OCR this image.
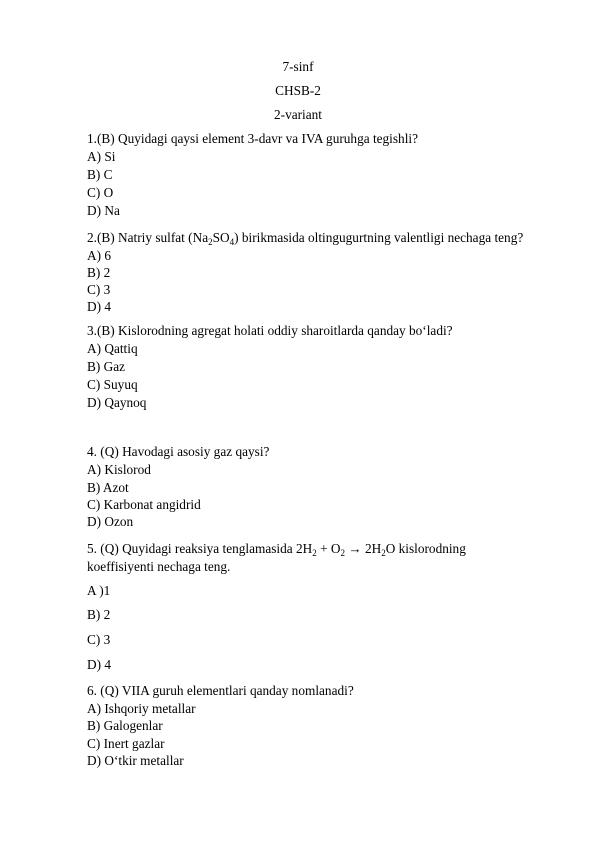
7-sinf
CHSB-2
2-variant
1.(B) Quyidagi qaysi element 3-davr va IVA guruhga tegishli?
A) Si
B) C
C) O
D) Na
2.(B) Natriy sulfat $(Na_2SO_4)$ birikmasida oltingugurtning valentligi nechaga teng?
A) 6
B) 2
C) 3
D) 4
3.(B) Kislorodning agregat holati oddiy sharoitlarda qanday bo‘ladi?
A) Qattiq
B) Gaz
C) Suyuq
D) Qaynoq
4. (Q) Havodagi asosiy gaz qaysi?
A) Kislorod
B) Azot
C) Karbonat angidrid
D) Ozon
5. (Q) Quyidagi reaksiya tenglamasida $2H_2 + O_2 \to 2H_2O$ kislorodning
koeffisiyenti nechaga teng.
A )1
B) 2
C) 3
D) 4
6. (Q) VIIA guruh elementlari qanday nomlanadi?
A) Ishqoriy metallar
B) Galogenlar
C) Inert gazlar
D) O‘tkir metallar
